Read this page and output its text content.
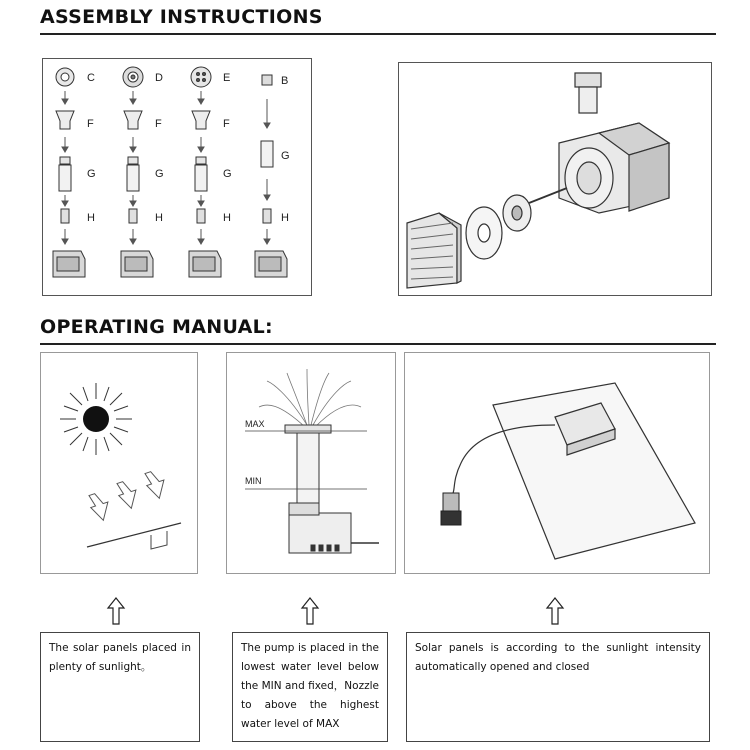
ASSEMBLY INSTRUCTIONS
C	D	E	B
F	F	F
G	G	G
G
H	H	H	H
OPERATING MANUAL:
MAX
MIN
The solar panels placed in plenty of sunlight。
The pump is placed in the lowest water level below the MIN and fixed，Nozzle to above the highest water level of MAX
Solar panels is according to the sunlight intensity automatically opened and closed
